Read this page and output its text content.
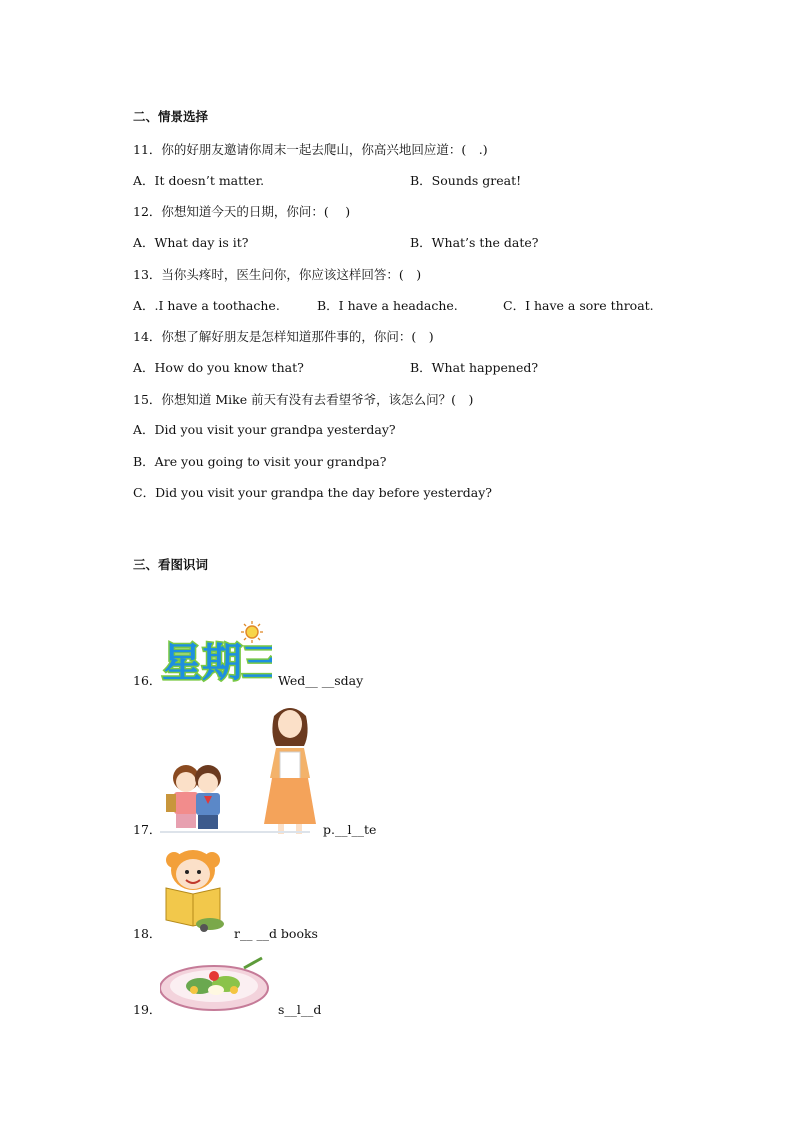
二、情景选择
11．你的好朋友邀请你周末一起去爬山，你高兴地回应道：(　.)
A．It doesn’t matter.	B．Sounds great!
12．你想知道今天的日期，你问：(　 )
A．What day is it?	B．What’s the date?
13．当你头疼时，医生问你，你应该这样回答：(　)
A．.I have a toothache.	B．I have a headache.	C．I have a sore throat.
14．你想了解好朋友是怎样知道那件事的，你问：(　)
A．How do you know that?	B．What happened?
15．你想知道 Mike 前天有没有去看望爷爷，该怎么问？(　)
A．Did you visit your grandpa yesterday?
B．Are you going to visit your grandpa?
C．Did you visit your grandpa the day before yesterday?
三、看图识词
16． 星期三
Wed__ __sday
17．	p.__l__te
18．	r__ __d books
19．	s__l__d
